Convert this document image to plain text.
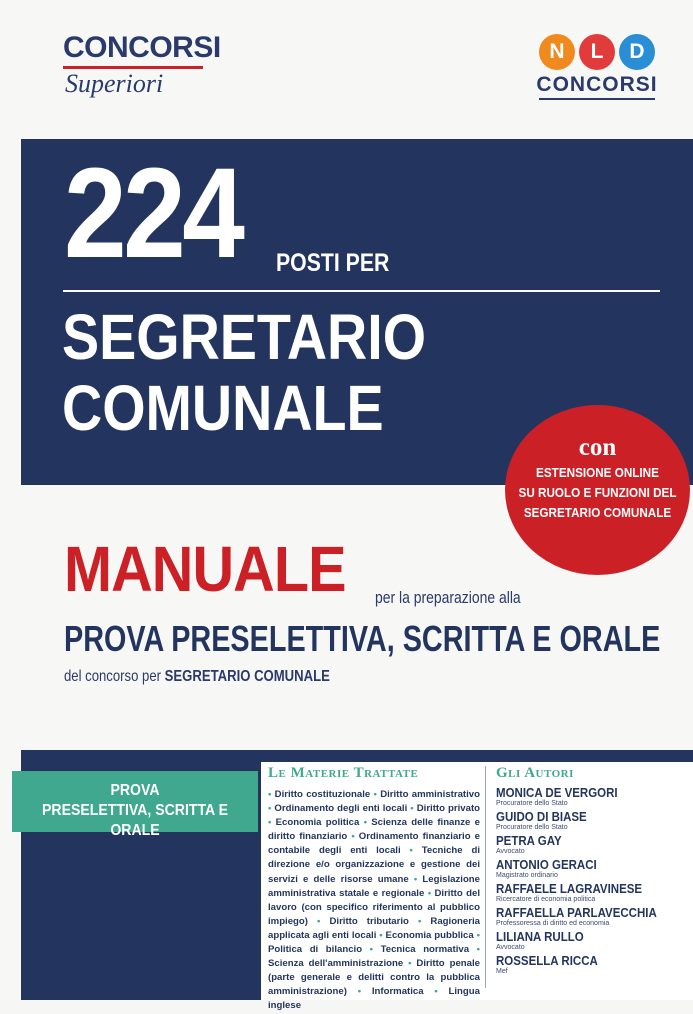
CONCORSI
Superiori
N	L	D
CONCORSI
224 POSTI PER
SEGRETARIO
COMUNALE
con
ESTENSIONE ONLINE
SU RUOLO E FUNZIONI DEL
SEGRETARIO COMUNALE
MANUALE per la preparazione alla
PROVA PRESELETTIVA, SCRITTA E ORALE
del concorso per SEGRETARIO COMUNALE
PROVA
PRESELETTIVA, SCRITTA E ORALE
Le Materie Trattate
• Diritto costituzionale • Diritto amministrativo • Ordinamento degli enti locali • Diritto privato • Economia politica • Scienza delle finanze e diritto finanziario • Ordinamento finanziario e contabile degli enti locali • Tecniche di direzione e/o organizzazione e gestione dei servizi e delle risorse umane • Legislazione amministrativa statale e regionale • Diritto del lavoro (con specifico riferimento al pubblico impiego) • Diritto tributario • Ragioneria applicata agli enti locali • Economia pubblica • Politica di bilancio • Tecnica normativa • Scienza dell'amministrazione • Diritto penale (parte generale e delitti contro la pubblica amministrazione) • Informatica • Lingua inglese
Gli Autori
MONICA DE VERGORI
Procuratore dello Stato
GUIDO DI BIASE
Procuratore dello Stato
PETRA GAY
Avvocato
ANTONIO GERACI
Magistrato ordinario
RAFFAELE LAGRAVINESE
Ricercatore di economia politica
RAFFAELLA PARLAVECCHIA
Professoressa di diritto ed economia
LILIANA RULLO
Avvocato
ROSSELLA RICCA
Mef
